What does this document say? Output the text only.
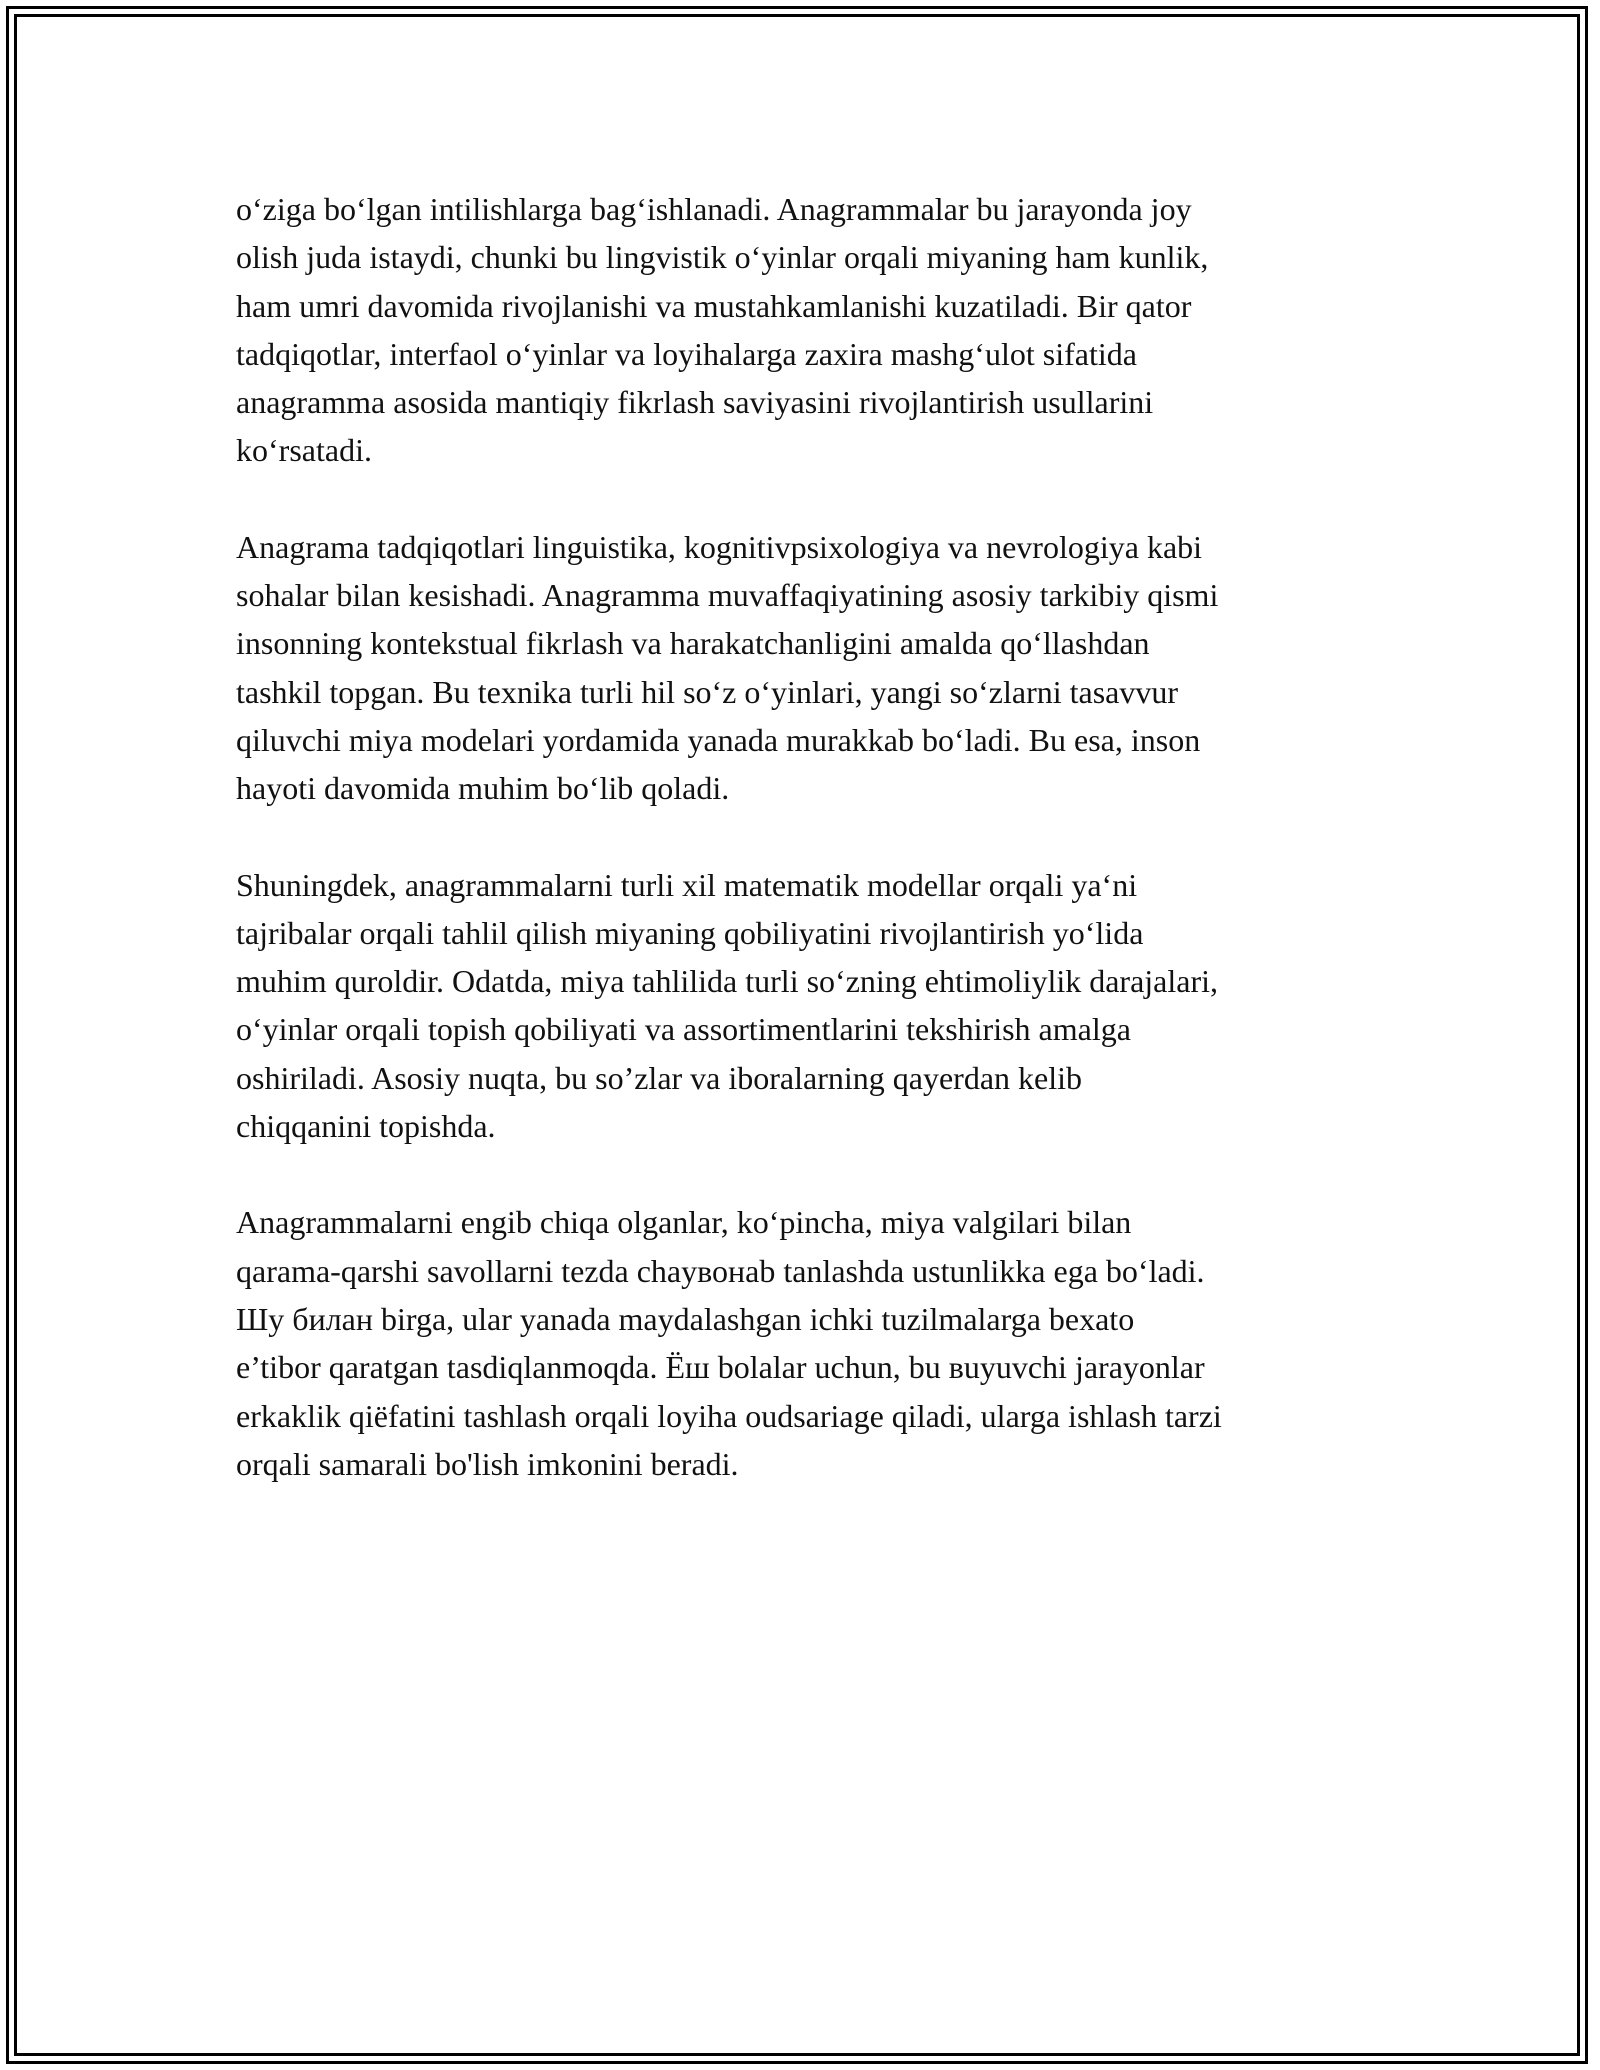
o‘ziga bo‘lgan intilishlarga bag‘ishlanadi. Anagrammalar bu jarayonda joy
olish juda istaydi, chunki bu lingvistik o‘yinlar orqali miyaning ham kunlik,
ham umri davomida rivojlanishi va mustahkamlanishi kuzatiladi. Bir qator
tadqiqotlar, interfaol o‘yinlar va loyihalarga zaxira mashg‘ulot sifatida
anagramma asosida mantiqiy fikrlash saviyasini rivojlantirish usullarini
ko‘rsatadi.

Anagrama tadqiqotlari linguistika, kognitivpsixologiya va nevrologiya kabi
sohalar bilan kesishadi. Anagramma muvaffaqiyatining asosiy tarkibiy qismi
insonning kontekstual fikrlash va harakatchanligini amalda qo‘llashdan
tashkil topgan. Bu texnika turli hil so‘z o‘yinlari, yangi so‘zlarni tasavvur
qiluvchi miya modelari yordamida yanada murakkab bo‘ladi. Bu esa, inson
hayoti davomida muhim bo‘lib qoladi.

Shuningdek, anagrammalarni turli xil matematik modellar orqali ya‘ni
tajribalar orqali tahlil qilish miyaning qobiliyatini rivojlantirish yo‘lida
muhim quroldir. Odatda, miya tahlilida turli so‘zning ehtimoliylik darajalari,
o‘yinlar orqali topish qobiliyati va assortimentlarini tekshirish amalga
oshiriladi. Asosiy nuqta, bu so’zlar va iboralarning qayerdan kelib
chiqqanini topishda.

Anagrammalarni engib chiqa olganlar, ko‘pincha, miya valgilari bilan
qarama-qarshi savollarni tezda chayвонab tanlashda ustunlikka ega bo‘ladi.
Шу билан birga, ular yanada maydalashgan ichki tuzilmalarga bexato
e’tibor qaratgan tasdiqlanmoqda. Ёш bolalar uchun, bu вuyuvchi jarayonlar
erkaklik qiёfatini tashlash orqali loyiha oudsariage qiladi, ularga ishlash tarzi
orqali samarali bo'lish imkonini beradi.
